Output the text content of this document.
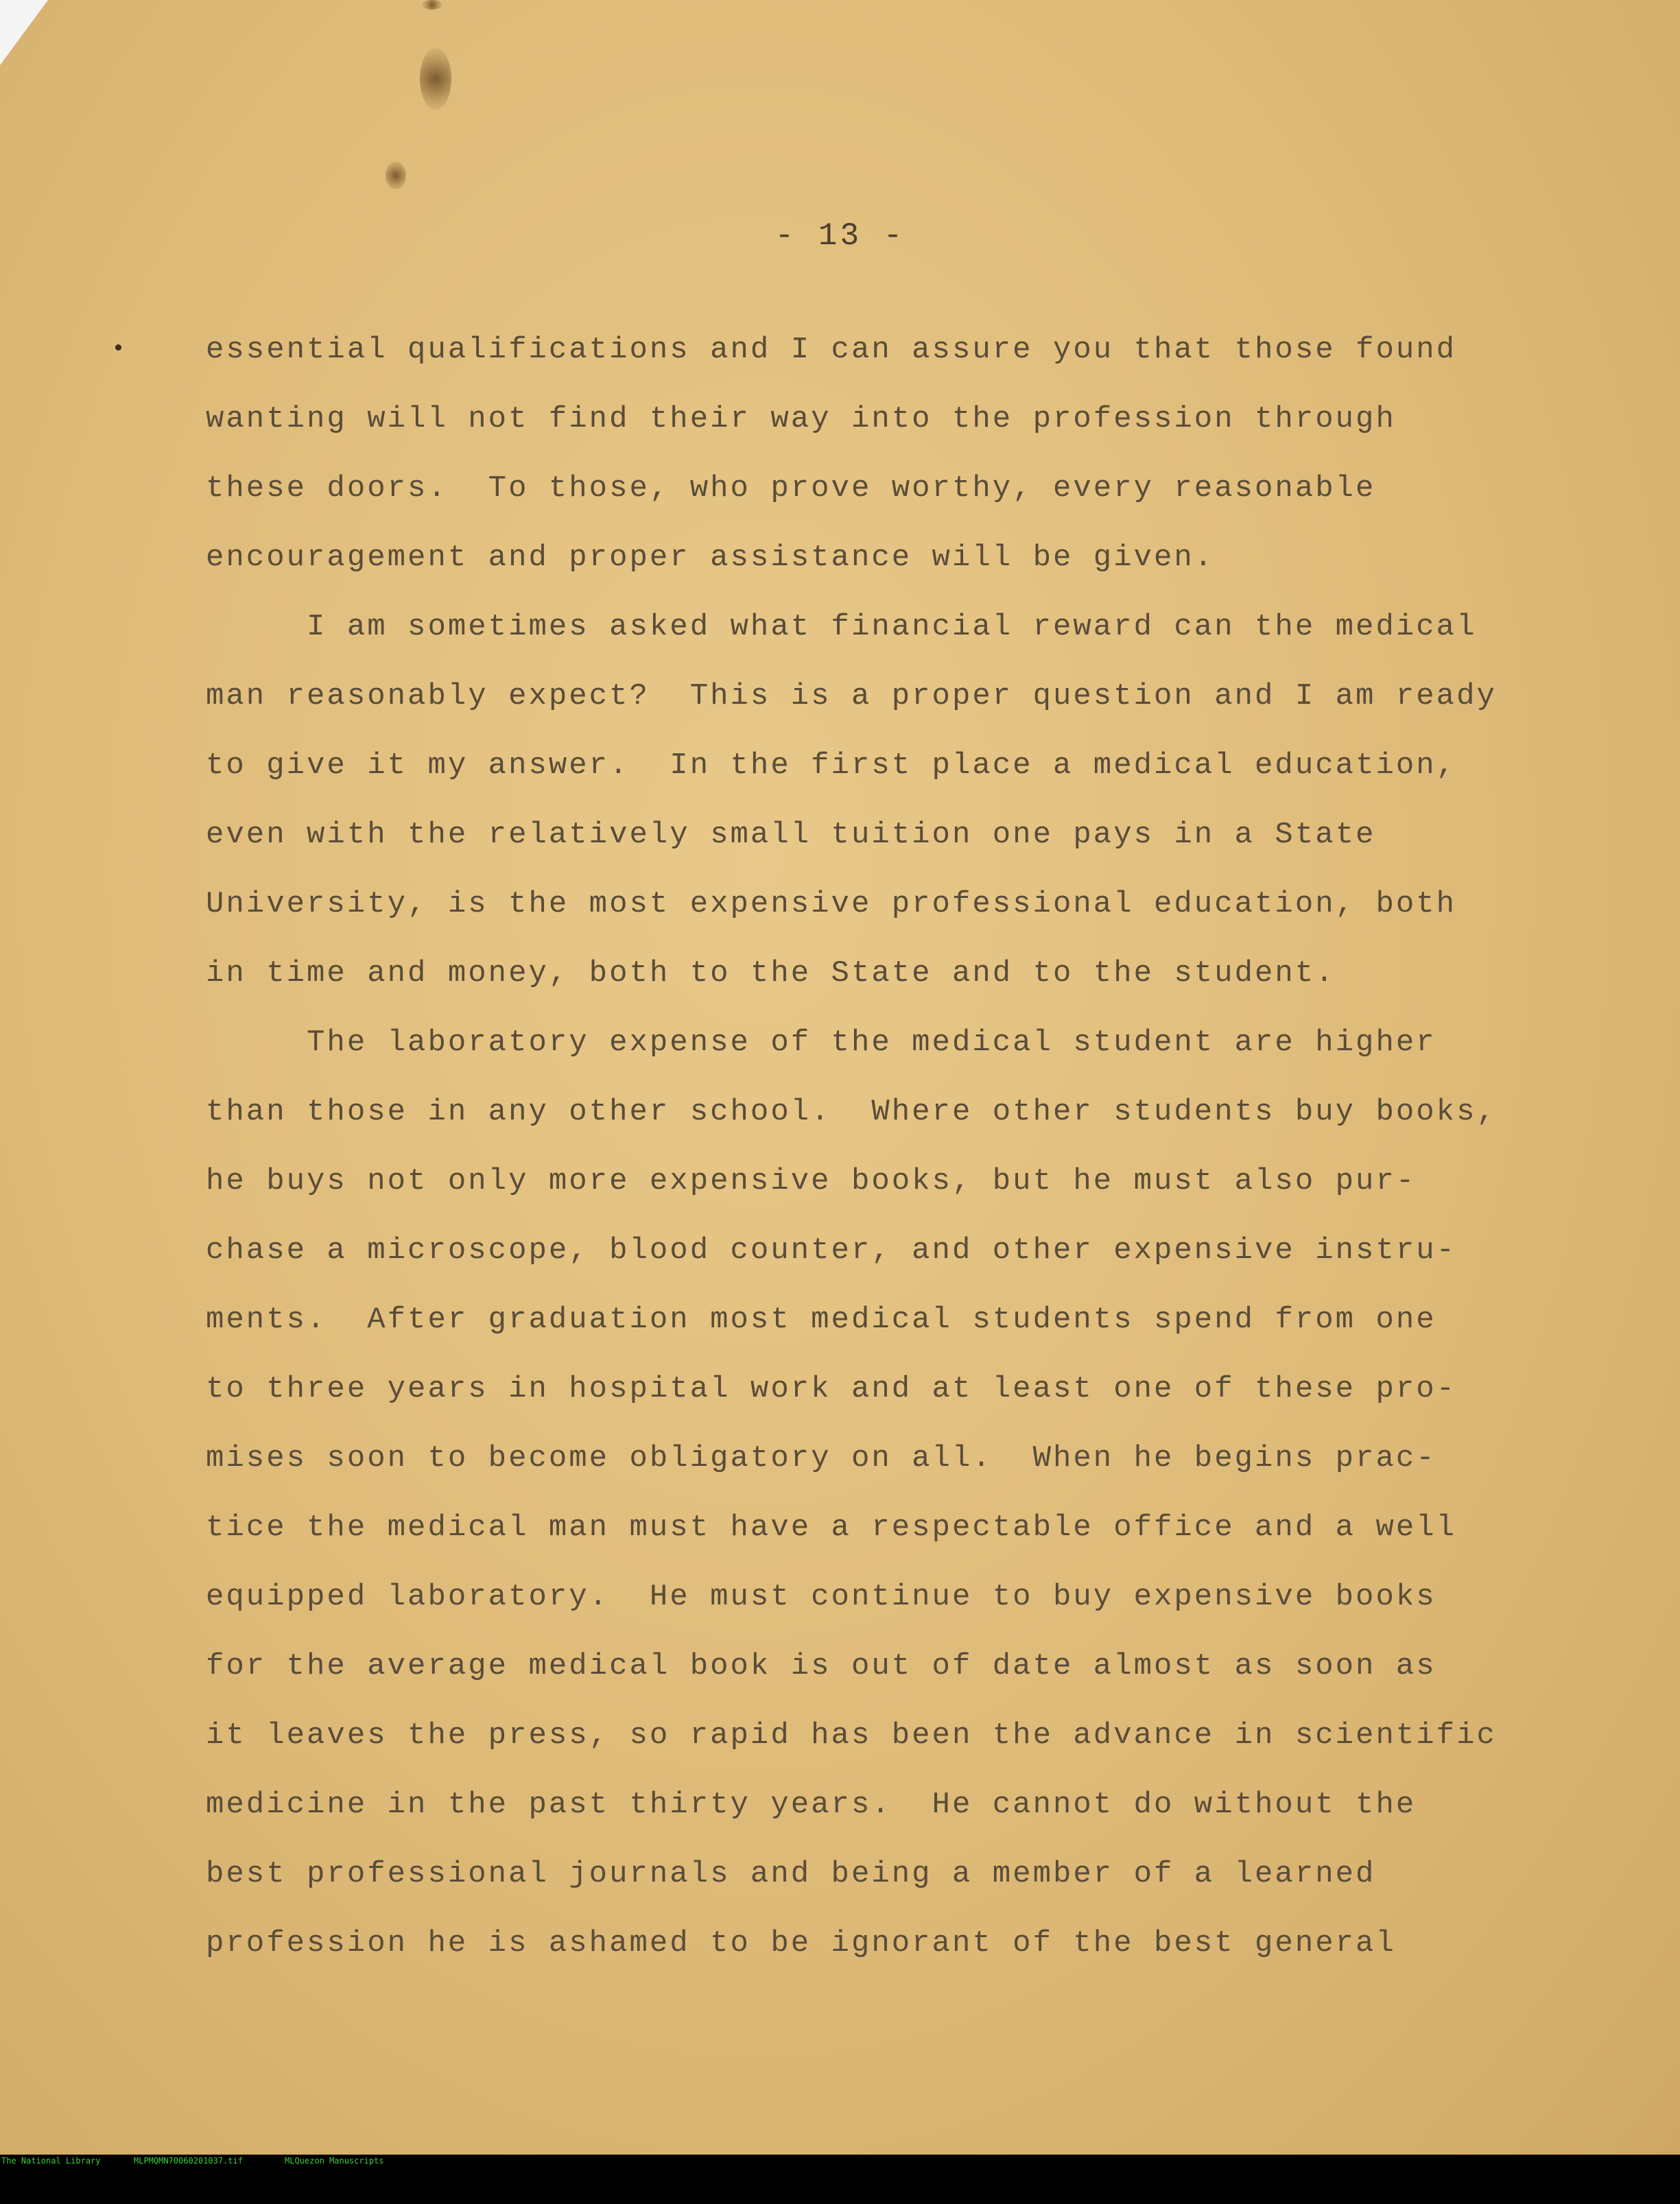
- 13 -
essential qualifications and I can assure you that those found
wanting will not find their way into the profession through
these doors.  To those, who prove worthy, every reasonable
encouragement and proper assistance will be given.
I am sometimes asked what financial reward can the medical
man reasonably expect?  This is a proper question and I am ready
to give it my answer.  In the first place a medical education,
even with the relatively small tuition one pays in a State
University, is the most expensive professional education, both
in time and money, both to the State and to the student.
The laboratory expense of the medical student are higher
than those in any other school.  Where other students buy books,
he buys not only more expensive books, but he must also pur-
chase a microscope, blood counter, and other expensive instru-
ments.  After graduation most medical students spend from one
to three years in hospital work and at least one of these pro-
mises soon to become obligatory on all.  When he begins prac-
tice the medical man must have a respectable office and a well
equipped laboratory.  He must continue to buy expensive books
for the average medical book is out of date almost as soon as
it leaves the press, so rapid has been the advance in scientific
medicine in the past thirty years.  He cannot do without the
best professional journals and being a member of a learned
profession he is ashamed to be ignorant of the best general

The National Library

	MLPMQMN70060201037.tif

	MLQuezon Manuscripts
